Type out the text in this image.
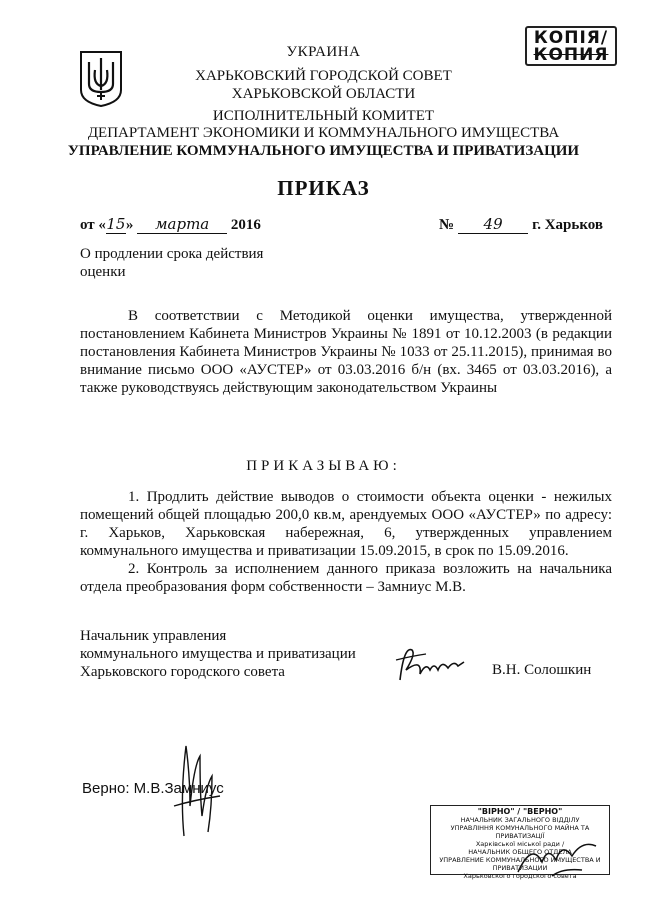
КОПІЯ/
КОПИЯ
УКРАИНА
ХАРЬКОВСКИЙ ГОРОДСКОЙ СОВЕТ
ХАРЬКОВСКОЙ ОБЛАСТИ
ИСПОЛНИТЕЛЬНЫЙ КОМИТЕТ
ДЕПАРТАМЕНТ ЭКОНОМИКИ И КОММУНАЛЬНОГО ИМУЩЕСТВА
УПРАВЛЕНИЕ КОММУНАЛЬНОГО ИМУЩЕСТВА И ПРИВАТИЗАЦИИ
ПРИКАЗ
от «15» марта 2016	№ 49 г. Харьков
О продлении срока действия оценки
В соответствии с Методикой оценки имущества, утвержденной постановлением Кабинета Министров Украины № 1891 от 10.12.2003 (в редакции постановления Кабинета Министров Украины № 1033 от 25.11.2015), принимая во внимание письмо ООО «АУСТЕР» от 03.03.2016 б/н (вх. 3465 от 03.03.2016), а также руководствуясь действующим законодательством Украины
ПРИКАЗЫВАЮ:
1. Продлить действие выводов о стоимости объекта оценки - нежилых помещений общей площадью 200,0 кв.м, арендуемых ООО «АУСТЕР» по адресу: г. Харьков, Харьковская набережная, 6, утвержденных управлением коммунального имущества и приватизации 15.09.2015, в срок по 15.09.2016.
2. Контроль за исполнением данного приказа возложить на начальника отдела преобразования форм собственности – Замниус М.В.
Начальник управления
коммунального имущества и приватизации
Харьковского городского совета	В.Н. Солошкин
Верно: М.В.Замниус
"ВІРНО" / "ВЕРНО"
НАЧАЛЬНИК ЗАГАЛЬНОГО ВІДДІЛУ
УПРАВЛІННЯ КОМУНАЛЬНОГО МАЙНА ТА ПРИВАТИЗАЦІЇ
Харківської міської ради /
НАЧАЛЬНИК ОБЩЕГО ОТДЕЛА
УПРАВЛЕНИЕ КОММУНАЛЬНОГО ИМУЩЕСТВА И ПРИВАТИЗАЦИИ
Харьковского городского совета
